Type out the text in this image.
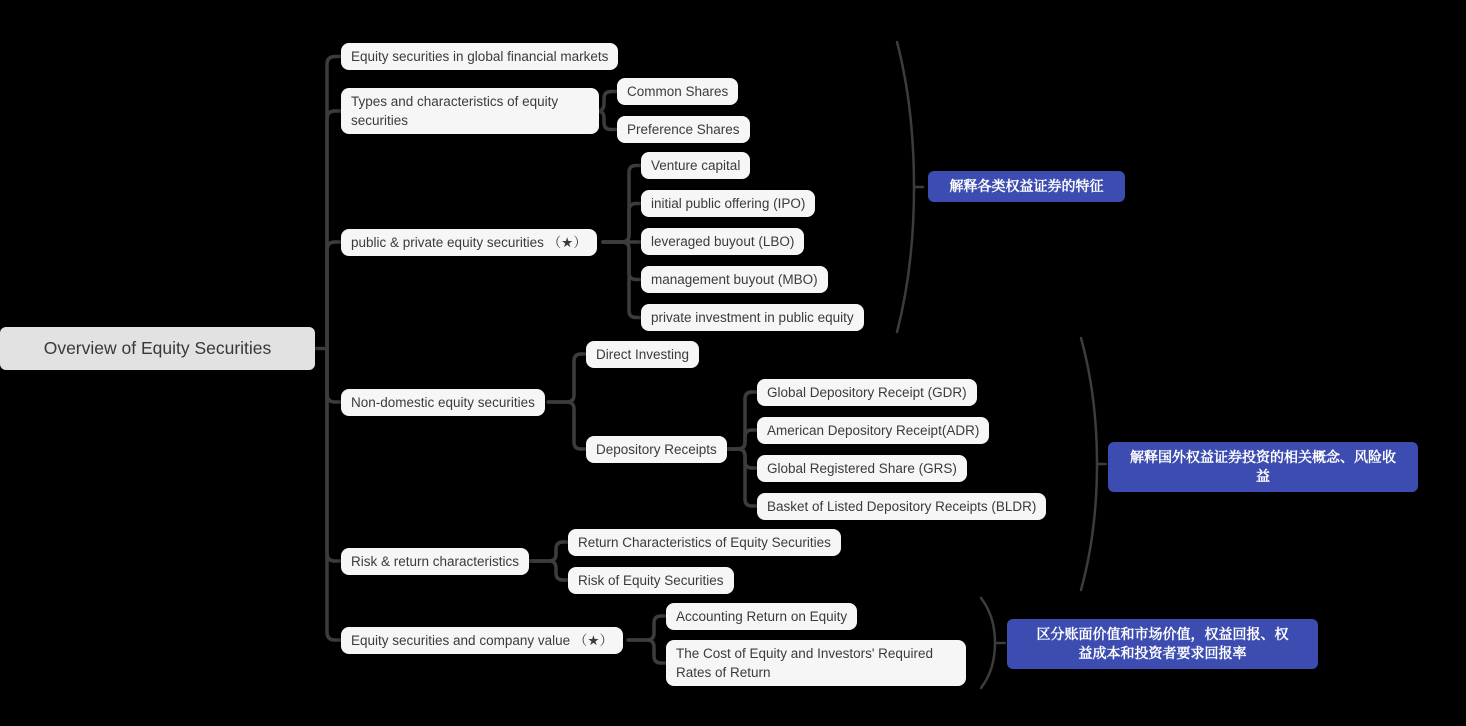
Overview of Equity Securities
Equity securities in global financial markets
Types and characteristics of equity securities
public & private equity securities （★）
Non-domestic equity securities
Risk & return characteristics
Equity securities and company value （★）
Common Shares
Preference Shares
Venture capital
initial public offering (IPO)
leveraged buyout (LBO)
management buyout (MBO)
private investment in public equity
Direct Investing
Depository Receipts
Global Depository Receipt (GDR)
American Depository Receipt(ADR)
Global Registered Share (GRS)
Basket of Listed Depository Receipts (BLDR)
Return Characteristics of Equity Securities
Risk of Equity Securities
Accounting Return on Equity
The Cost of Equity and Investors' Required Rates of Return
解释各类权益证券的特征
解释国外权益证券投资的相关概念、风险收益
区分账面价值和市场价值，权益回报、权益成本和投资者要求回报率
